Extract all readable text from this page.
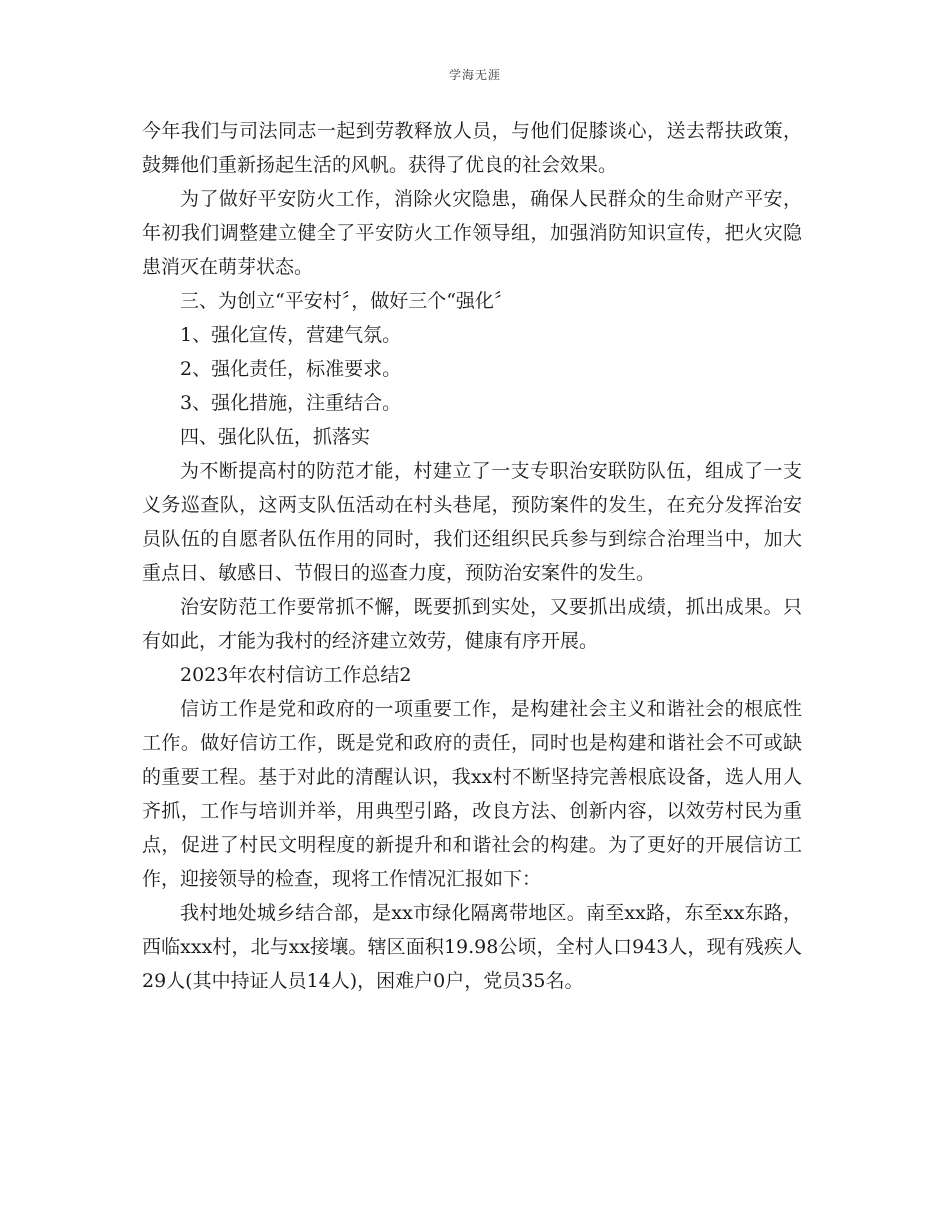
学海无涯

今年我们与司法同志一起到劳教释放人员，与他们促膝谈心，送去帮扶政策，鼓舞他们重新扬起生活的风帆。获得了优良的社会效果。

为了做好平安防火工作，消除火灾隐患，确保人民群众的生命财产平安，年初我们调整建立健全了平安防火工作领导组，加强消防知识宣传，把火灾隐患消灭在萌芽状态。

三、为创立“平安村〞，做好三个“强化〞

1、强化宣传，营建气氛。

2、强化责任，标准要求。

3、强化措施，注重结合。

四、强化队伍，抓落实

为不断提高村的防范才能，村建立了一支专职治安联防队伍，组成了一支义务巡查队，这两支队伍活动在村头巷尾，预防案件的发生，在充分发挥治安员队伍的自愿者队伍作用的同时，我们还组织民兵参与到综合治理当中，加大重点日、敏感日、节假日的巡查力度，预防治安案件的发生。

治安防范工作要常抓不懈，既要抓到实处，又要抓出成绩，抓出成果。只有如此，才能为我村的经济建立效劳，健康有序开展。

2023年农村信访工作总结2

信访工作是党和政府的一项重要工作，是构建社会主义和谐社会的根底性工作。做好信访工作，既是党和政府的责任，同时也是构建和谐社会不可或缺的重要工程。基于对此的清醒认识，我xx村不断坚持完善根底设备，选人用人齐抓，工作与培训并举，用典型引路，改良方法、创新内容，以效劳村民为重点，促进了村民文明程度的新提升和和谐社会的构建。为了更好的开展信访工作，迎接领导的检查，现将工作情况汇报如下：

我村地处城乡结合部，是xx市绿化隔离带地区。南至xx路，东至xx东路，西临xxx村，北与xx接壤。辖区面积19.98公顷，全村人口943人，现有残疾人29人(其中持证人员14人)，困难户0户，党员35名。
